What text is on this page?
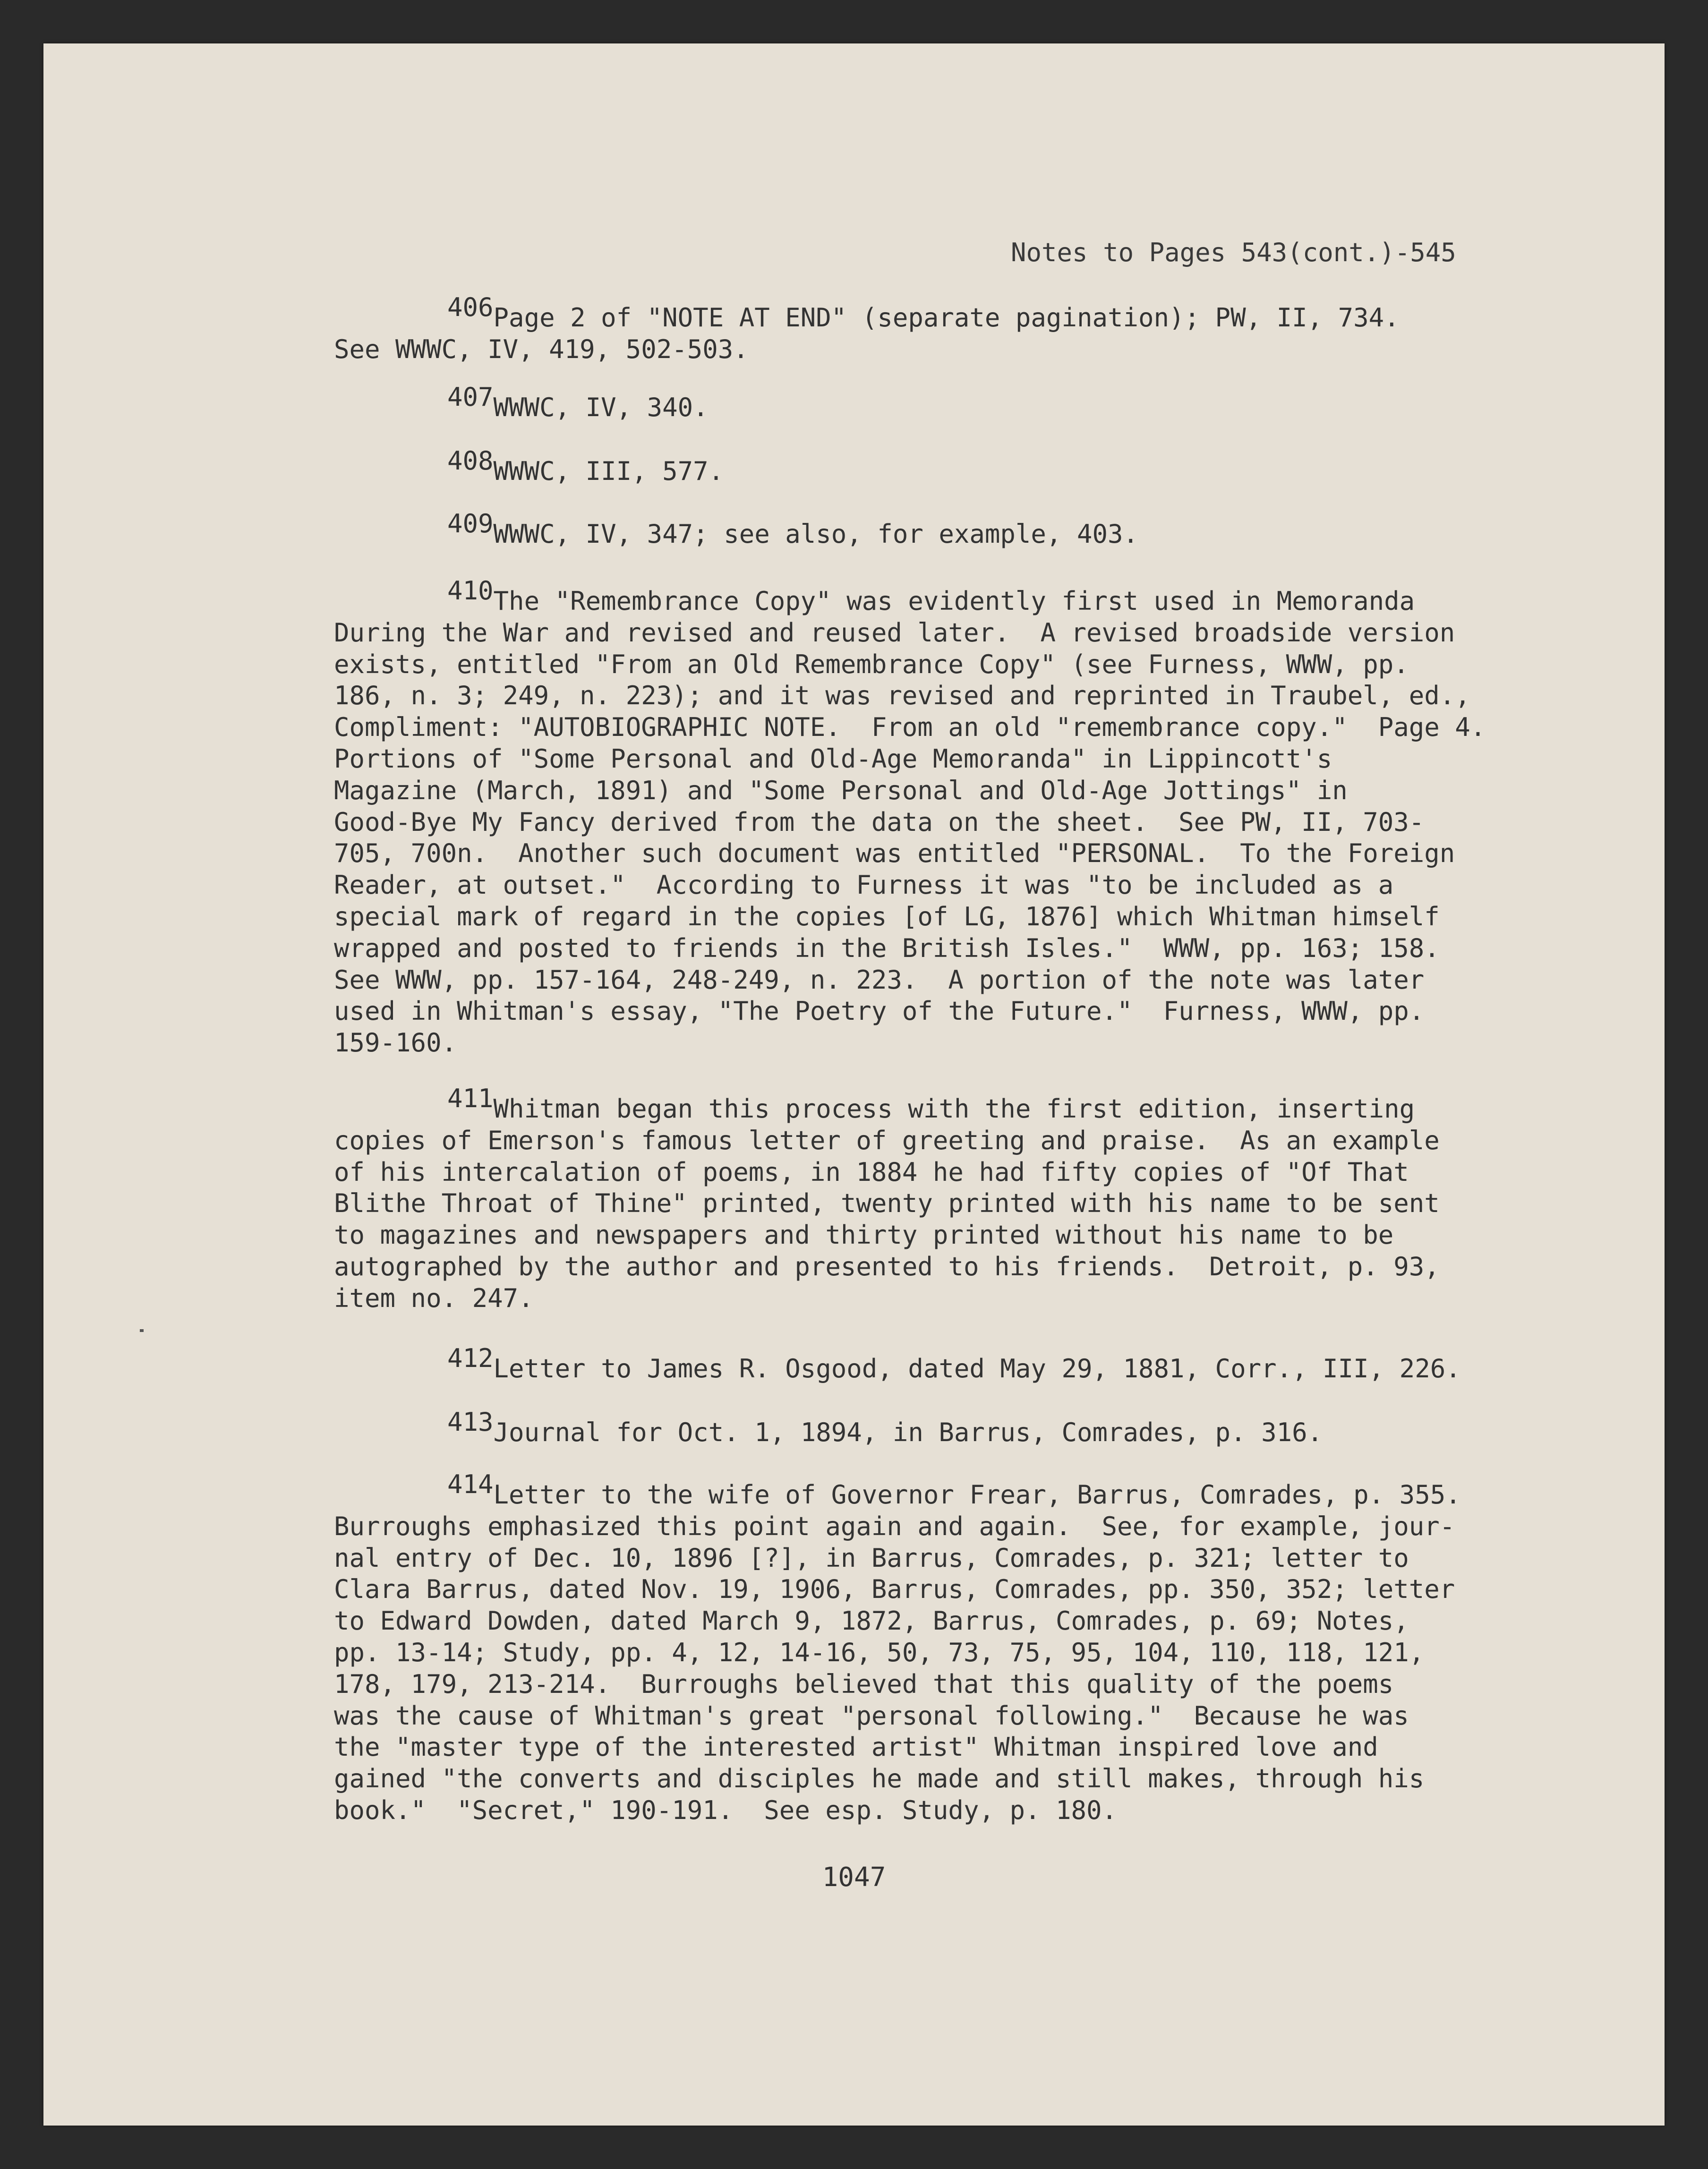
Notes to Pages 543(cont.)-545
406Page 2 of "NOTE AT END" (separate pagination); PW, II, 734.
See WWWC, IV, 419, 502-503.
407WWWC, IV, 340.
408WWWC, III, 577.
409WWWC, IV, 347; see also, for example, 403.
410The "Remembrance Copy" was evidently first used in Memoranda
During the War and revised and reused later.  A revised broadside version
exists, entitled "From an Old Remembrance Copy" (see Furness, WWW, pp.
186, n. 3; 249, n. 223); and it was revised and reprinted in Traubel, ed.,
Compliment: "AUTOBIOGRAPHIC NOTE.  From an old "remembrance copy."  Page 4.
Portions of "Some Personal and Old-Age Memoranda" in Lippincott's
Magazine (March, 1891) and "Some Personal and Old-Age Jottings" in
Good-Bye My Fancy derived from the data on the sheet.  See PW, II, 703-
705, 700n.  Another such document was entitled "PERSONAL.  To the Foreign
Reader, at outset."  According to Furness it was "to be included as a
special mark of regard in the copies [of LG, 1876] which Whitman himself
wrapped and posted to friends in the British Isles."  WWW, pp. 163; 158.
See WWW, pp. 157-164, 248-249, n. 223.  A portion of the note was later
used in Whitman's essay, "The Poetry of the Future."  Furness, WWW, pp.
159-160.
411Whitman began this process with the first edition, inserting
copies of Emerson's famous letter of greeting and praise.  As an example
of his intercalation of poems, in 1884 he had fifty copies of "Of That
Blithe Throat of Thine" printed, twenty printed with his name to be sent
to magazines and newspapers and thirty printed without his name to be
autographed by the author and presented to his friends.  Detroit, p. 93,
item no. 247.
412Letter to James R. Osgood, dated May 29, 1881, Corr., III, 226.
413Journal for Oct. 1, 1894, in Barrus, Comrades, p. 316.
414Letter to the wife of Governor Frear, Barrus, Comrades, p. 355.
Burroughs emphasized this point again and again.  See, for example, jour-
nal entry of Dec. 10, 1896 [?], in Barrus, Comrades, p. 321; letter to
Clara Barrus, dated Nov. 19, 1906, Barrus, Comrades, pp. 350, 352; letter
to Edward Dowden, dated March 9, 1872, Barrus, Comrades, p. 69; Notes,
pp. 13-14; Study, pp. 4, 12, 14-16, 50, 73, 75, 95, 104, 110, 118, 121,
178, 179, 213-214.  Burroughs believed that this quality of the poems
was the cause of Whitman's great "personal following."  Because he was
the "master type of the interested artist" Whitman inspired love and
gained "the converts and disciples he made and still makes, through his
book."  "Secret," 190-191.  See esp. Study, p. 180.
1047
